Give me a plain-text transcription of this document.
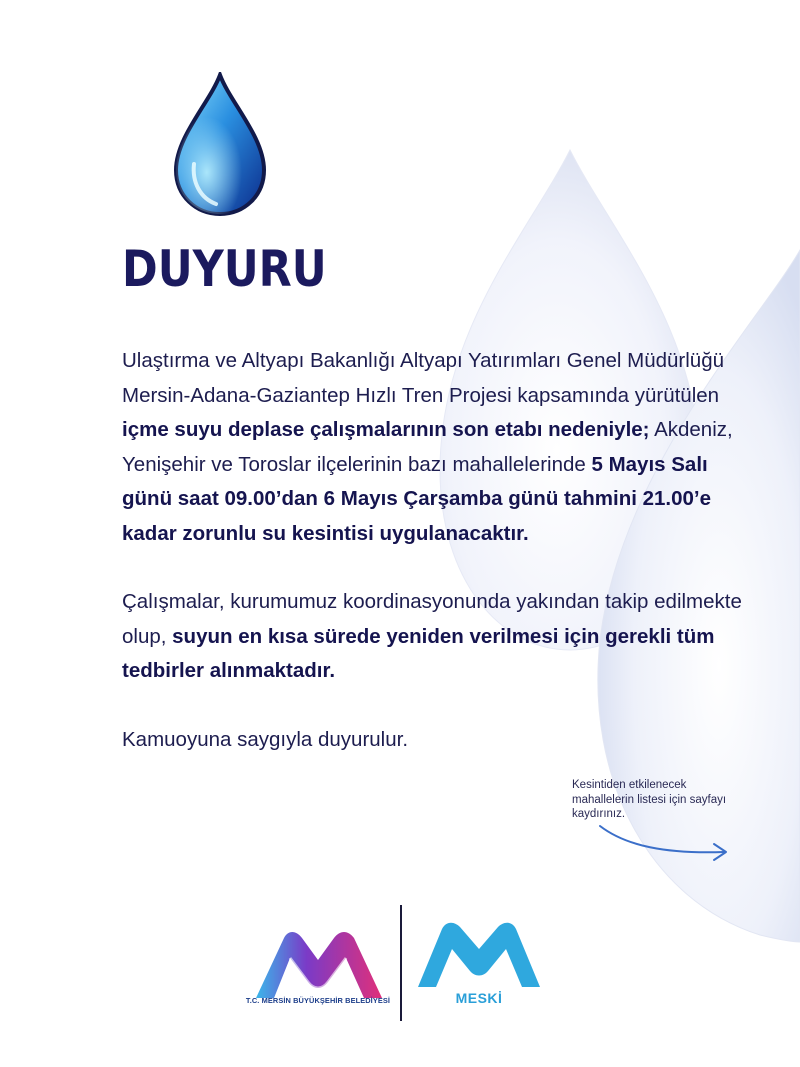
DUYURU

Ulaştırma ve Altyapı Bakanlığı Altyapı Yatırımları Genel Müdürlüğü Mersin-Adana-Gaziantep Hızlı Tren Projesi kapsamında yürütülen içme suyu deplase çalışmalarının son etabı nedeniyle; Akdeniz, Yenişehir ve Toroslar ilçelerinin bazı mahallelerinde 5 Mayıs Salı günü saat 09.00’dan 6 Mayıs Çarşamba günü tahmini 21.00’e kadar zorunlu su kesintisi uygulanacaktır.

Çalışmalar, kurumumuz koordinasyonunda yakından takip edilmekte olup, suyun en kısa sürede yeniden verilmesi için gerekli tüm tedbirler alınmaktadır.

Kamuoyuna saygıyla duyurulur.

Kesintiden etkilenecek mahallelerin listesi için sayfayı kaydırınız.
T.C. MERSİN BÜYÜKŞEHİR BELEDİYESİ	MESKİ
